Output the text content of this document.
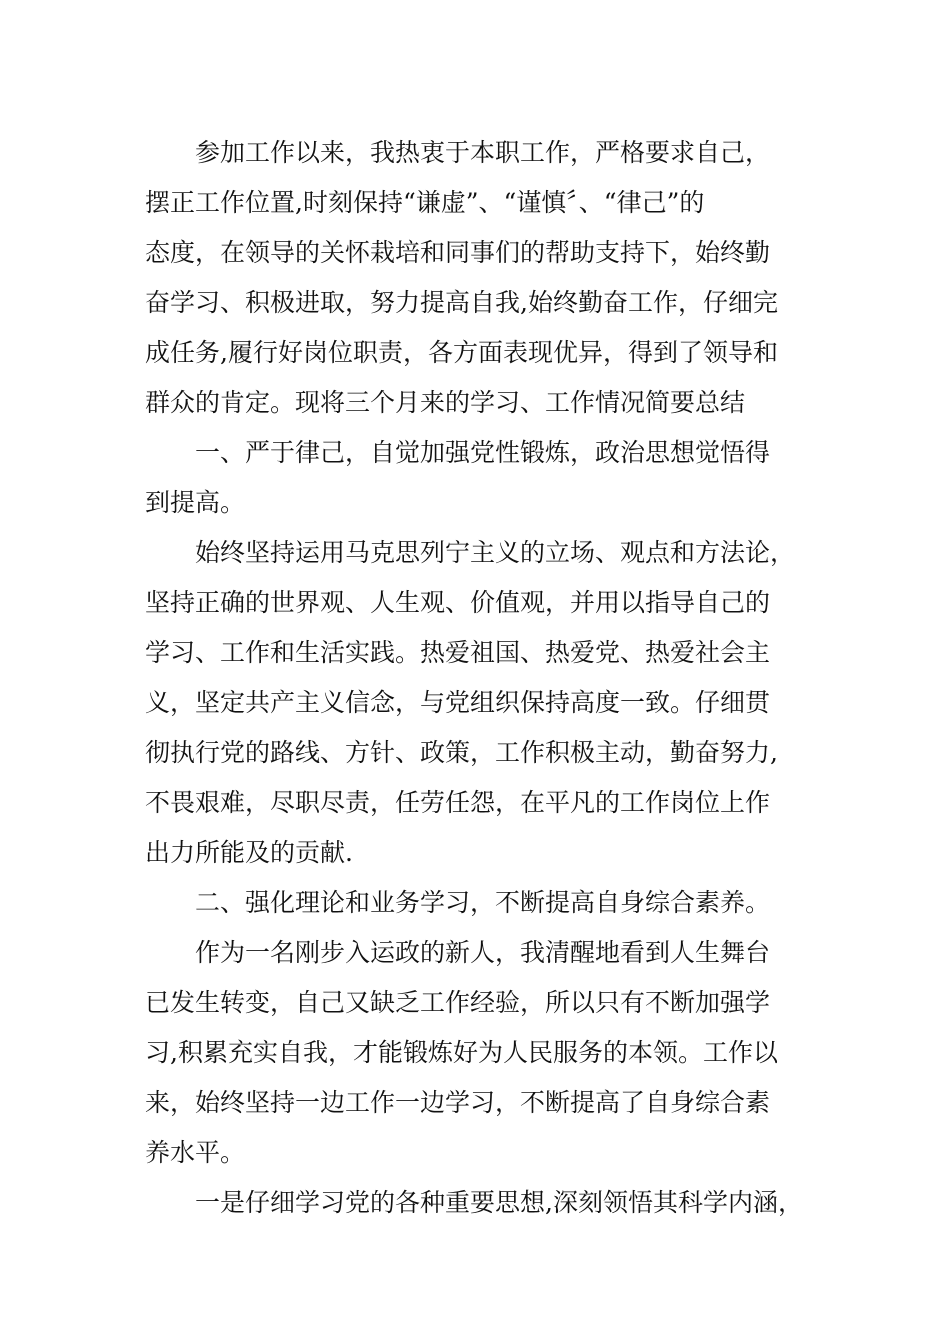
参加工作以来，我热衷于本职工作，严格要求自己，
摆正工作位置,时刻保持“谦虚”、“谨慎〞、“律己”的
态度，在领导的关怀栽培和同事们的帮助支持下，始终勤
奋学习、积极进取，努力提高自我,始终勤奋工作，仔细完
成任务,履行好岗位职责，各方面表现优异，得到了领导和
群众的肯定。现将三个月来的学习、工作情况简要总结
一、严于律己，自觉加强党性锻炼，政治思想觉悟得
到提高。
始终坚持运用马克思列宁主义的立场、观点和方法论，
坚持正确的世界观、人生观、价值观，并用以指导自己的
学习、工作和生活实践。热爱祖国、热爱党、热爱社会主
义，坚定共产主义信念，与党组织保持高度一致。仔细贯
彻执行党的路线、方针、政策，工作积极主动，勤奋努力,
不畏艰难，尽职尽责，任劳任怨，在平凡的工作岗位上作
出力所能及的贡献.
二、强化理论和业务学习，不断提高自身综合素养。
作为一名刚步入运政的新人，我清醒地看到人生舞台
已发生转变，自己又缺乏工作经验，所以只有不断加强学
习,积累充实自我，才能锻炼好为人民服务的本领。工作以
来，始终坚持一边工作一边学习，不断提高了自身综合素
养水平。
一是仔细学习党的各种重要思想,深刻领悟其科学内涵，
